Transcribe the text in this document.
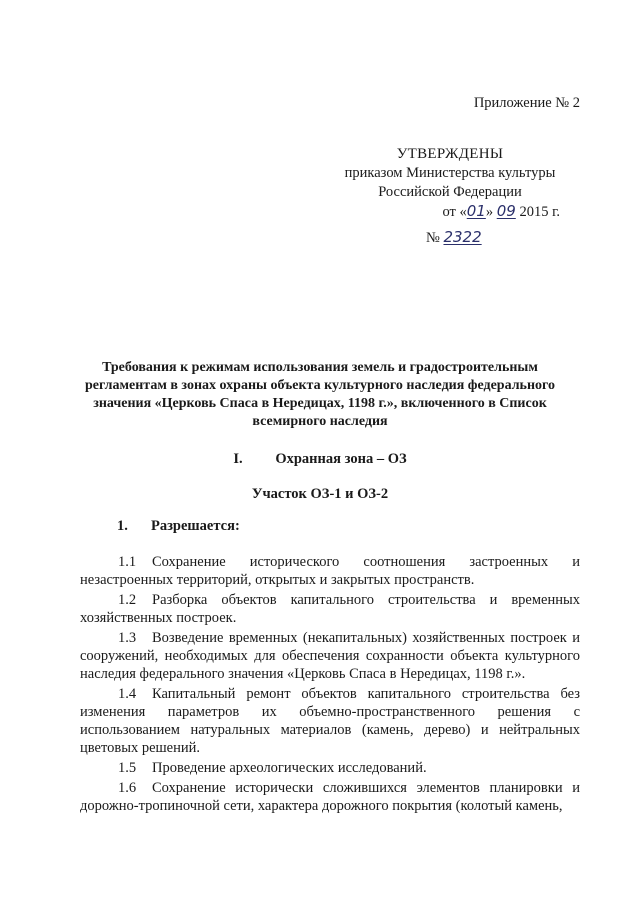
Приложение № 2
УТВЕРЖДЕНЫ
приказом Министерства культуры
Российской Федерации
от «01» 09 2015 г.
№ 2322
Требования к режимам использования земель и градостроительным
регламентам в зонах охраны объекта культурного наследия федерального
значения «Церковь Спаса в Нередицах, 1198 г.», включенного в Список
всемирного наследия
I. Охранная зона – ОЗ
Участок ОЗ-1 и ОЗ-2
1. Разрешается:

1.1 Сохранение исторического соотношения застроенных и незастроенных территорий, открытых и закрытых пространств.

1.2 Разборка объектов капитального строительства и временных хозяйственных построек.

1.3 Возведение временных (некапитальных) хозяйственных построек и сооружений, необходимых для обеспечения сохранности объекта культурного наследия федерального значения «Церковь Спаса в Нередицах, 1198 г.».

1.4 Капитальный ремонт объектов капитального строительства без изменения параметров их объемно-пространственного решения с использованием натуральных материалов (камень, дерево) и нейтральных цветовых решений.

1.5 Проведение археологических исследований.

1.6 Сохранение исторически сложившихся элементов планировки и дорожно-тропиночной сети, характера дорожного покрытия (колотый камень,
